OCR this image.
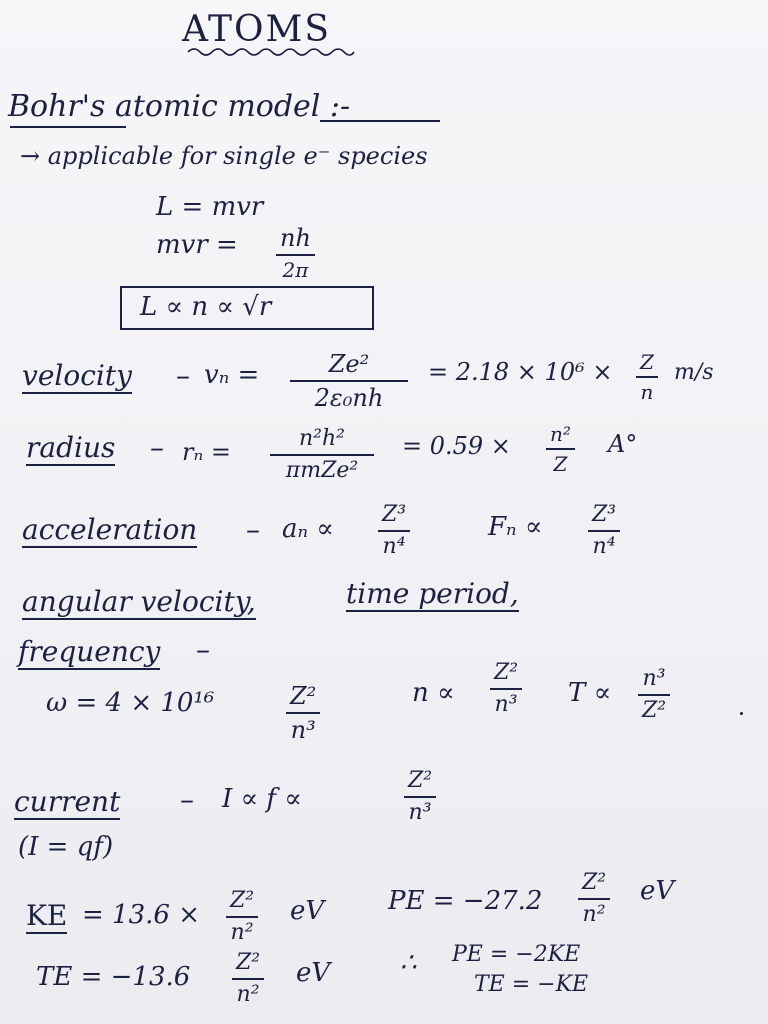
ATOMS
Bohr's atomic model :-
→ applicable for single e⁻ species
L = mvr
mvr = nh
2π
L ∝ n ∝ √r
velocity – vₙ =	Ze²
2ε₀nh
= 2.18 × 10⁶ × Z
n
m/s
radius – rₙ =	n²h²
πmZe²
= 0.59 × n²
Z
A°
acceleration – aₙ ∝ Z³
n⁴
Fₙ ∝ Z³
n⁴
angular velocity,	time period,
frequency –
ω = 4 × 10¹⁶	Z²
n³
n ∝
Z²
n³ T ∝ n³
Z²
current – I ∝ f ∝
Z²
n³
(I = qf)
KE = 13.6 × Z²
n²
eV PE = −27.2
Z²
n²
eV
TE = −13.6 Z²
n²
eV	∴ PE = −2KE
TE = −KE
